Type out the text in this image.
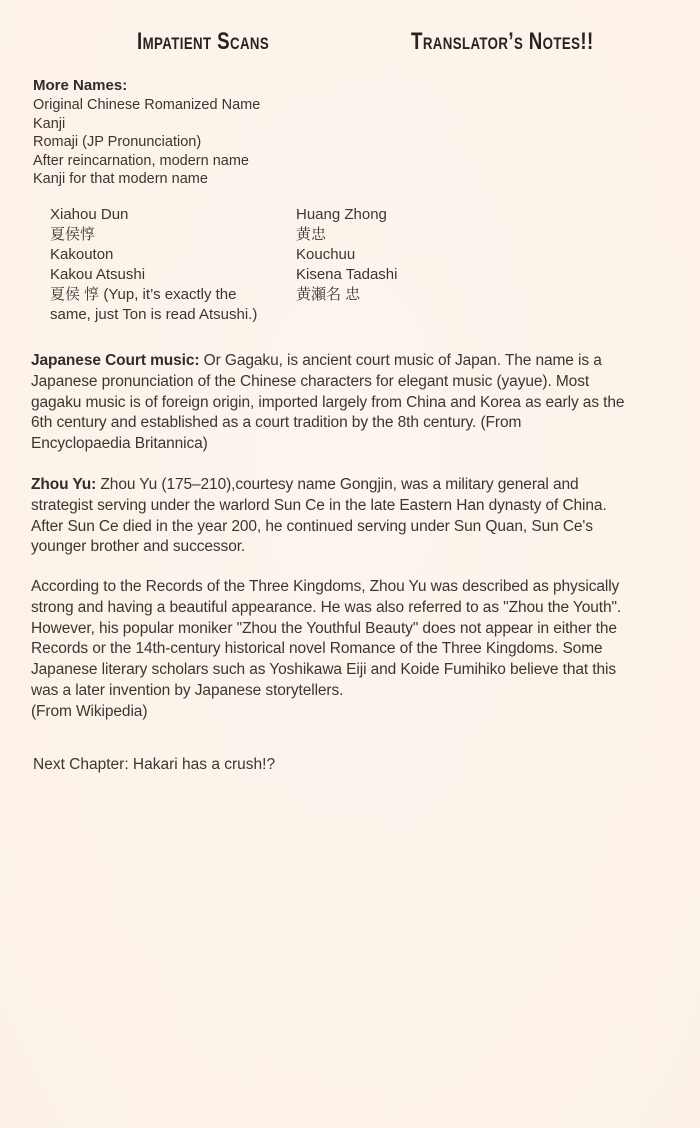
Impatient Scans	Translator’s Notes!!
More Names:
Original Chinese Romanized Name
Kanji
Romaji (JP Pronunciation)
After reincarnation, modern name
Kanji for that modern name
Xiahou Dun
夏侯惇
Kakouton
Kakou Atsushi
夏侯 惇 (Yup, it’s exactly the
same, just Ton is read Atsushi.)
Huang Zhong
黄忠
Kouchuu
Kisena Tadashi
黄瀬名 忠
Japanese Court music: Or Gagaku, is ancient court music of Japan. The name is a
Japanese pronunciation of the Chinese characters for elegant music (yayue). Most
gagaku music is of foreign origin, imported largely from China and Korea as early as the
6th century and established as a court tradition by the 8th century. (From
Encyclopaedia Britannica)
Zhou Yu: Zhou Yu (175–210),courtesy name Gongjin, was a military general and
strategist serving under the warlord Sun Ce in the late Eastern Han dynasty of China.
After Sun Ce died in the year 200, he continued serving under Sun Quan, Sun Ce's
younger brother and successor.
According to the Records of the Three Kingdoms, Zhou Yu was described as physically
strong and having a beautiful appearance. He was also referred to as "Zhou the Youth".
However, his popular moniker "Zhou the Youthful Beauty" does not appear in either the
Records or the 14th-century historical novel Romance of the Three Kingdoms. Some
Japanese literary scholars such as Yoshikawa Eiji and Koide Fumihiko believe that this
was a later invention by Japanese storytellers.
(From Wikipedia)
Next Chapter: Hakari has a crush!?
